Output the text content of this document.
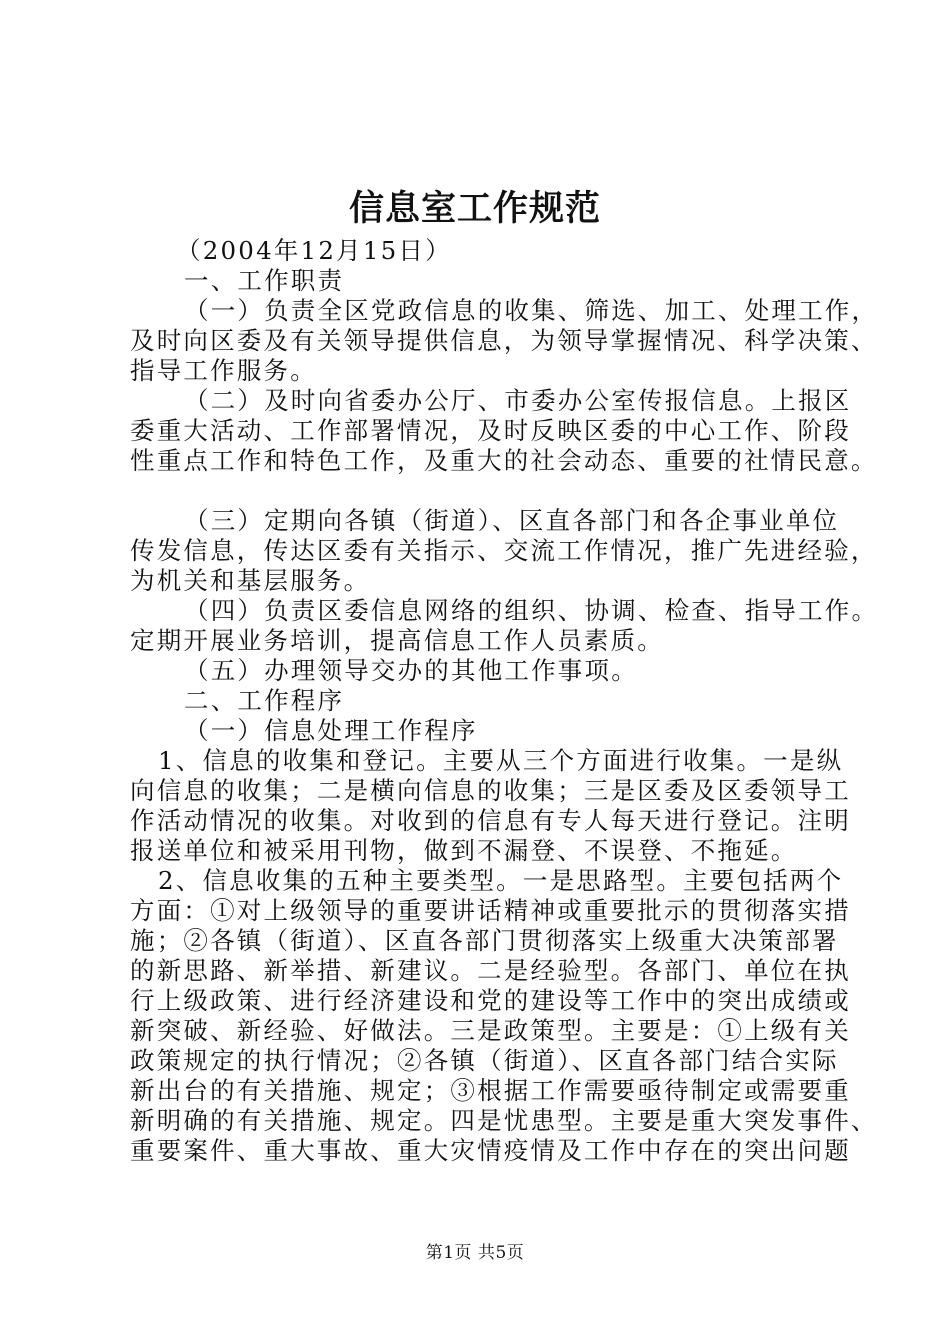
信息室工作规范
（2004年12月15日）
一、工作职责
（一）负责全区党政信息的收集、筛选、加工、处理工作，
及时向区委及有关领导提供信息，为领导掌握情况、科学决策、
指导工作服务。
（二）及时向省委办公厅、市委办公室传报信息。上报区
委重大活动、工作部署情况，及时反映区委的中心工作、阶段
性重点工作和特色工作，及重大的社会动态、重要的社情民意。
（三）定期向各镇（街道）、区直各部门和各企事业单位
传发信息，传达区委有关指示、交流工作情况，推广先进经验，
为机关和基层服务。
（四）负责区委信息网络的组织、协调、检查、指导工作。
定期开展业务培训，提高信息工作人员素质。
（五）办理领导交办的其他工作事项。
二、工作程序
（一）信息处理工作程序
1、信息的收集和登记。主要从三个方面进行收集。一是纵
向信息的收集；二是横向信息的收集；三是区委及区委领导工
作活动情况的收集。对收到的信息有专人每天进行登记。注明
报送单位和被采用刊物，做到不漏登、不误登、不拖延。
2、信息收集的五种主要类型。一是思路型。主要包括两个
方面：①对上级领导的重要讲话精神或重要批示的贯彻落实措
施；②各镇（街道）、区直各部门贯彻落实上级重大决策部署
的新思路、新举措、新建议。二是经验型。各部门、单位在执
行上级政策、进行经济建设和党的建设等工作中的突出成绩或
新突破、新经验、好做法。三是政策型。主要是：①上级有关
政策规定的执行情况；②各镇（街道）、区直各部门结合实际
新出台的有关措施、规定；③根据工作需要亟待制定或需要重
新明确的有关措施、规定。四是忧患型。主要是重大突发事件、
重要案件、重大事故、重大灾情疫情及工作中存在的突出问题
第1页 共5页
